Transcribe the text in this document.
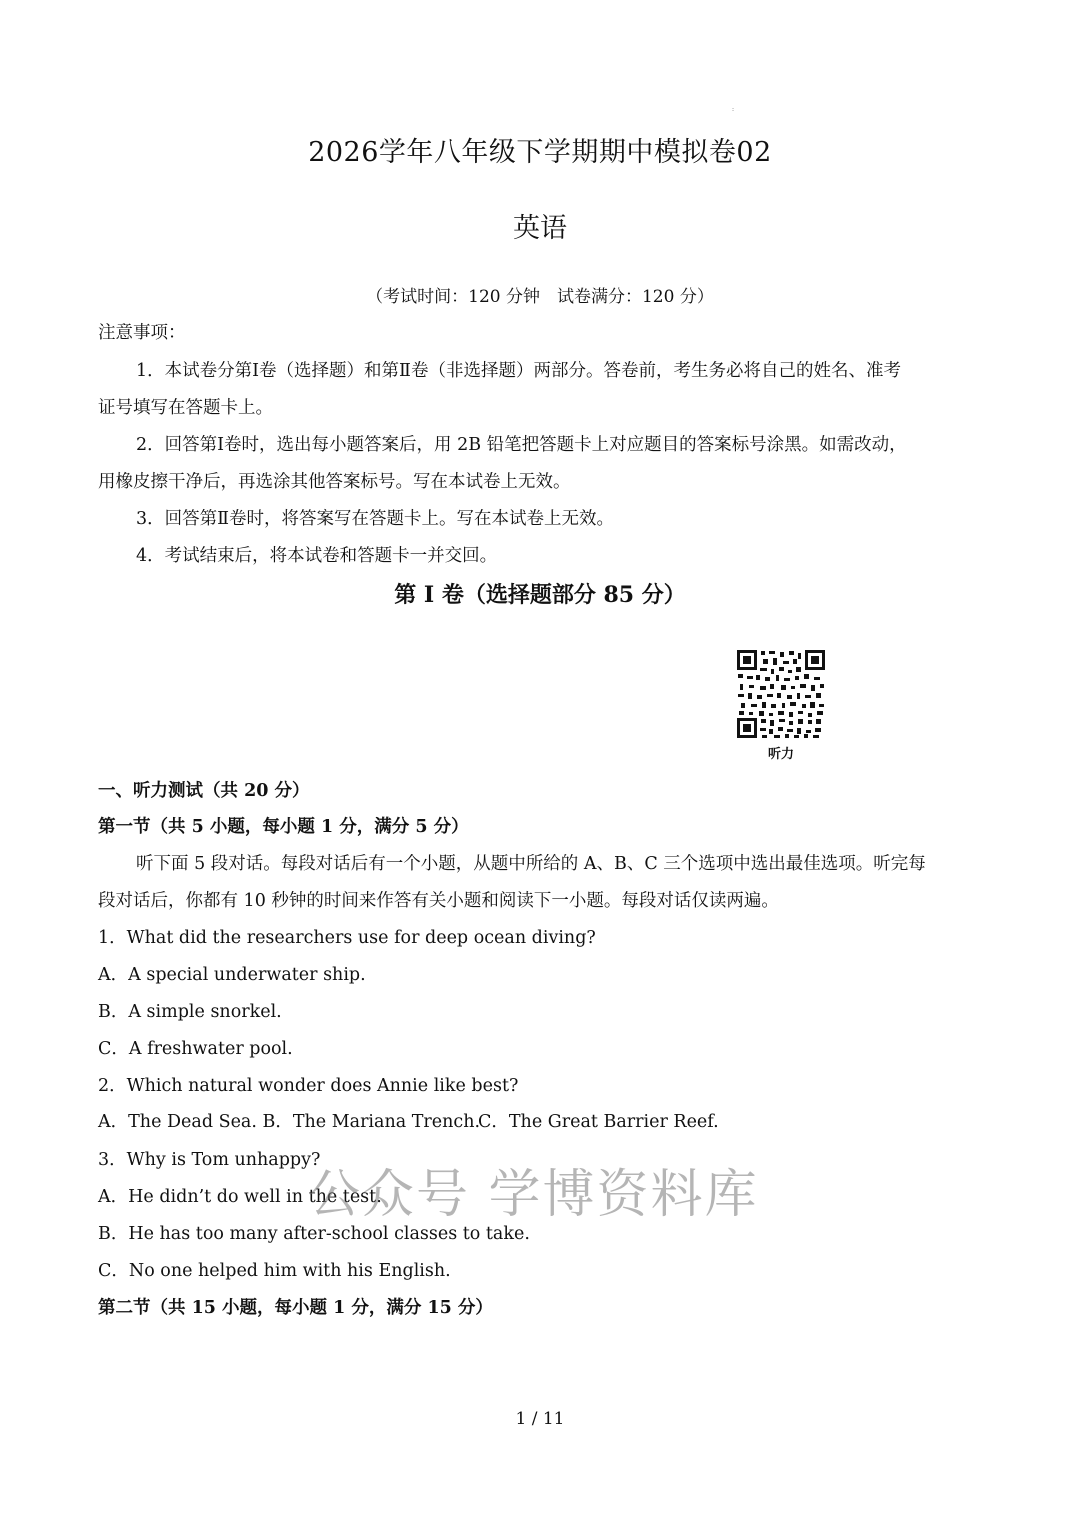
:
2026学年八年级下学期期中模拟卷02
英语
（考试时间：120 分钟　试卷满分：120 分）
注意事项：
1．本试卷分第Ⅰ卷（选择题）和第Ⅱ卷（非选择题）两部分。答卷前，考生务必将自己的姓名、准考
证号填写在答题卡上。
2．回答第Ⅰ卷时，选出每小题答案后，用 2B 铅笔把答题卡上对应题目的答案标号涂黑。如需改动，
用橡皮擦干净后，再选涂其他答案标号。写在本试卷上无效。
3．回答第Ⅱ卷时，将答案写在答题卡上。写在本试卷上无效。
4．考试结束后，将本试卷和答题卡一并交回。
第 I 卷（选择题部分 85 分）
听力
一、听力测试（共 20 分）
第一节（共 5 小题，每小题 1 分，满分 5 分）
听下面 5 段对话。每段对话后有一个小题，从题中所给的 A、B、C 三个选项中选出最佳选项。听完每
段对话后，你都有 10 秒钟的时间来作答有关小题和阅读下一小题。每段对话仅读两遍。
1．What did the researchers use for deep ocean diving?
A．A special underwater ship.
B．A simple snorkel.
C．A freshwater pool.
2．Which natural wonder does Annie like best?
A．The Dead Sea. B．The Mariana Trench.
C．The Great Barrier Reef.
3．Why is Tom unhappy?
A．He didn’t do well in the test.
B．He has too many after-school classes to take.
C．No one helped him with his English.
第二节（共 15 小题，每小题 1 分，满分 15 分）
公众号 学博资料库
1 / 11
